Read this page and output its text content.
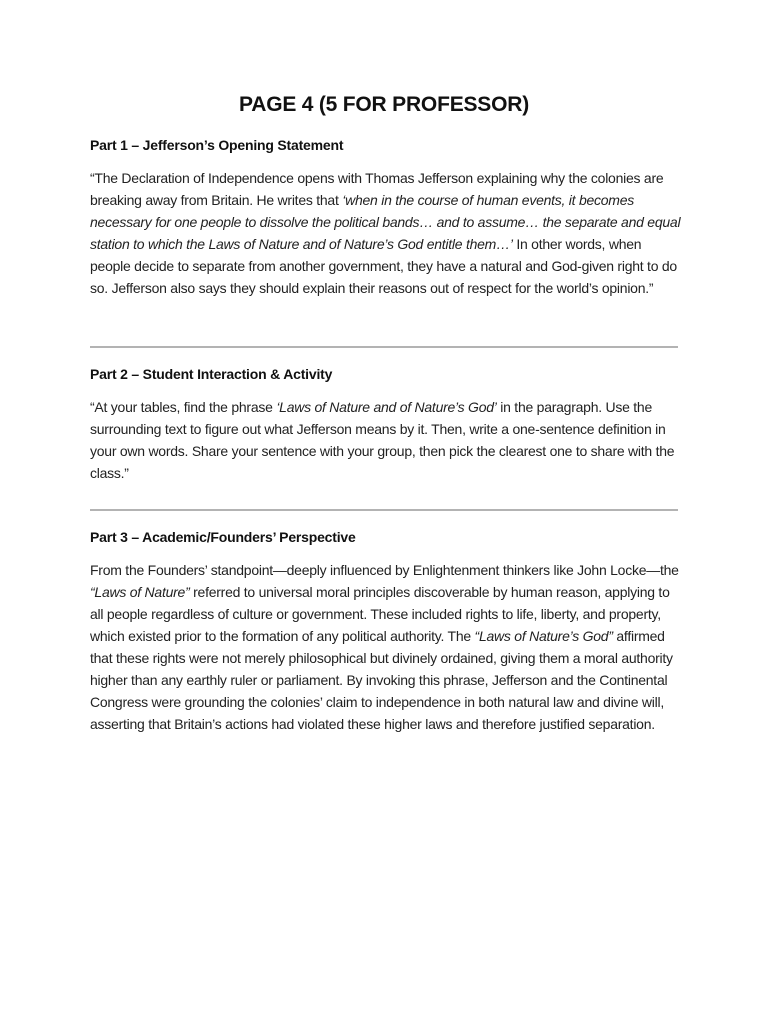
PAGE 4 (5 FOR PROFESSOR)
Part 1 – Jefferson’s Opening Statement

“The Declaration of Independence opens with Thomas Jefferson explaining why the colonies are breaking away from Britain. He writes that ‘when in the course of human events, it becomes necessary for one people to dissolve the political bands… and to assume… the separate and equal station to which the Laws of Nature and of Nature’s God entitle them…’ In other words, when people decide to separate from another government, they have a natural and God-given right to do so. Jefferson also says they should explain their reasons out of respect for the world’s opinion.”

Part 2 – Student Interaction & Activity

“At your tables, find the phrase ‘Laws of Nature and of Nature’s God’ in the paragraph. Use the surrounding text to figure out what Jefferson means by it. Then, write a one-sentence definition in your own words. Share your sentence with your group, then pick the clearest one to share with the class.”

Part 3 – Academic/Founders’ Perspective

From the Founders’ standpoint—deeply influenced by Enlightenment thinkers like John Locke—the “Laws of Nature” referred to universal moral principles discoverable by human reason, applying to all people regardless of culture or government. These included rights to life, liberty, and property, which existed prior to the formation of any political authority. The “Laws of Nature’s God” affirmed that these rights were not merely philosophical but divinely ordained, giving them a moral authority higher than any earthly ruler or parliament. By invoking this phrase, Jefferson and the Continental Congress were grounding the colonies’ claim to independence in both natural law and divine will, asserting that Britain’s actions had violated these higher laws and therefore justified separation.
